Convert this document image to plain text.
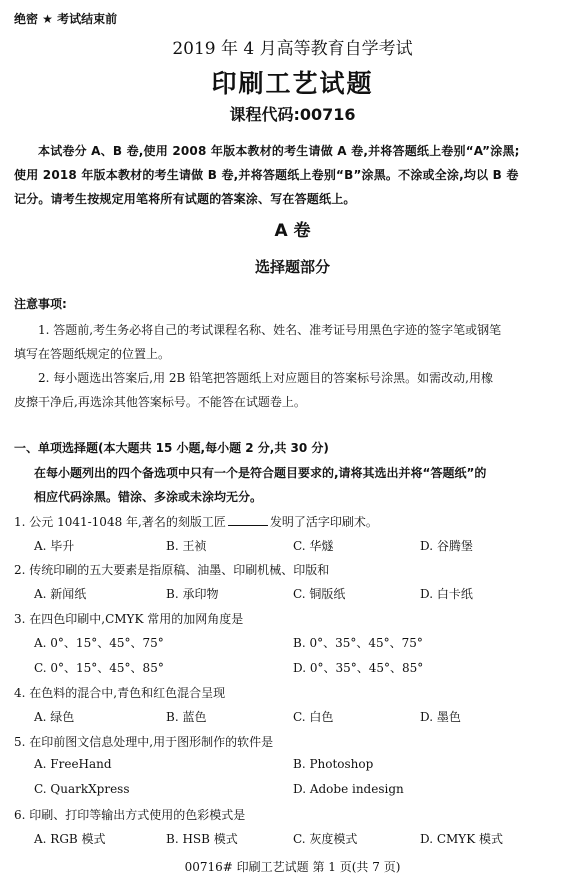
绝密 ★ 考试结束前
2019 年 4 月高等教育自学考试
印刷工艺试题
课程代码:00716
本试卷分 A、B 卷,使用 2008 年版本教材的考生请做 A 卷,并将答题纸上卷别“A”涂黑;
使用 2018 年版本教材的考生请做 B 卷,并将答题纸上卷别“B”涂黑。不涂或全涂,均以 B 卷
记分。请考生按规定用笔将所有试题的答案涂、写在答题纸上。
A 卷
选择题部分
注意事项:
1. 答题前,考生务必将自己的考试课程名称、姓名、准考证号用黑色字迹的签字笔或钢笔
填写在答题纸规定的位置上。
2. 每小题选出答案后,用 2B 铅笔把答题纸上对应题目的答案标号涂黑。如需改动,用橡
皮擦干净后,再选涂其他答案标号。不能答在试题卷上。
一、单项选择题(本大题共 15 小题,每小题 2 分,共 30 分)
在每小题列出的四个备选项中只有一个是符合题目要求的,请将其选出并将“答题纸”的
相应代码涂黑。错涂、多涂或未涂均无分。
1. 公元 1041-1048 年,著名的刻版工匠	发明了活字印刷术。
A. 毕升	B. 王祯	C. 华燧	D. 谷腾堡
2. 传统印刷的五大要素是指原稿、油墨、印刷机械、印版和
A. 新闻纸	B. 承印物	C. 铜版纸	D. 白卡纸
3. 在四色印刷中,CMYK 常用的加网角度是
A. 0°、15°、45°、75°	B. 0°、35°、45°、75°
C. 0°、15°、45°、85°	D. 0°、35°、45°、85°
4. 在色料的混合中,青色和红色混合呈现
A. 绿色	B. 蓝色	C. 白色	D. 墨色
5. 在印前图文信息处理中,用于图形制作的软件是
A. FreeHand	B. Photoshop
C. QuarkXpress	D. Adobe indesign
6. 印刷、打印等输出方式使用的色彩模式是
A. RGB 模式	B. HSB 模式	C. 灰度模式	D. CMYK 模式
00716# 印刷工艺试题 第 1 页(共 7 页)
